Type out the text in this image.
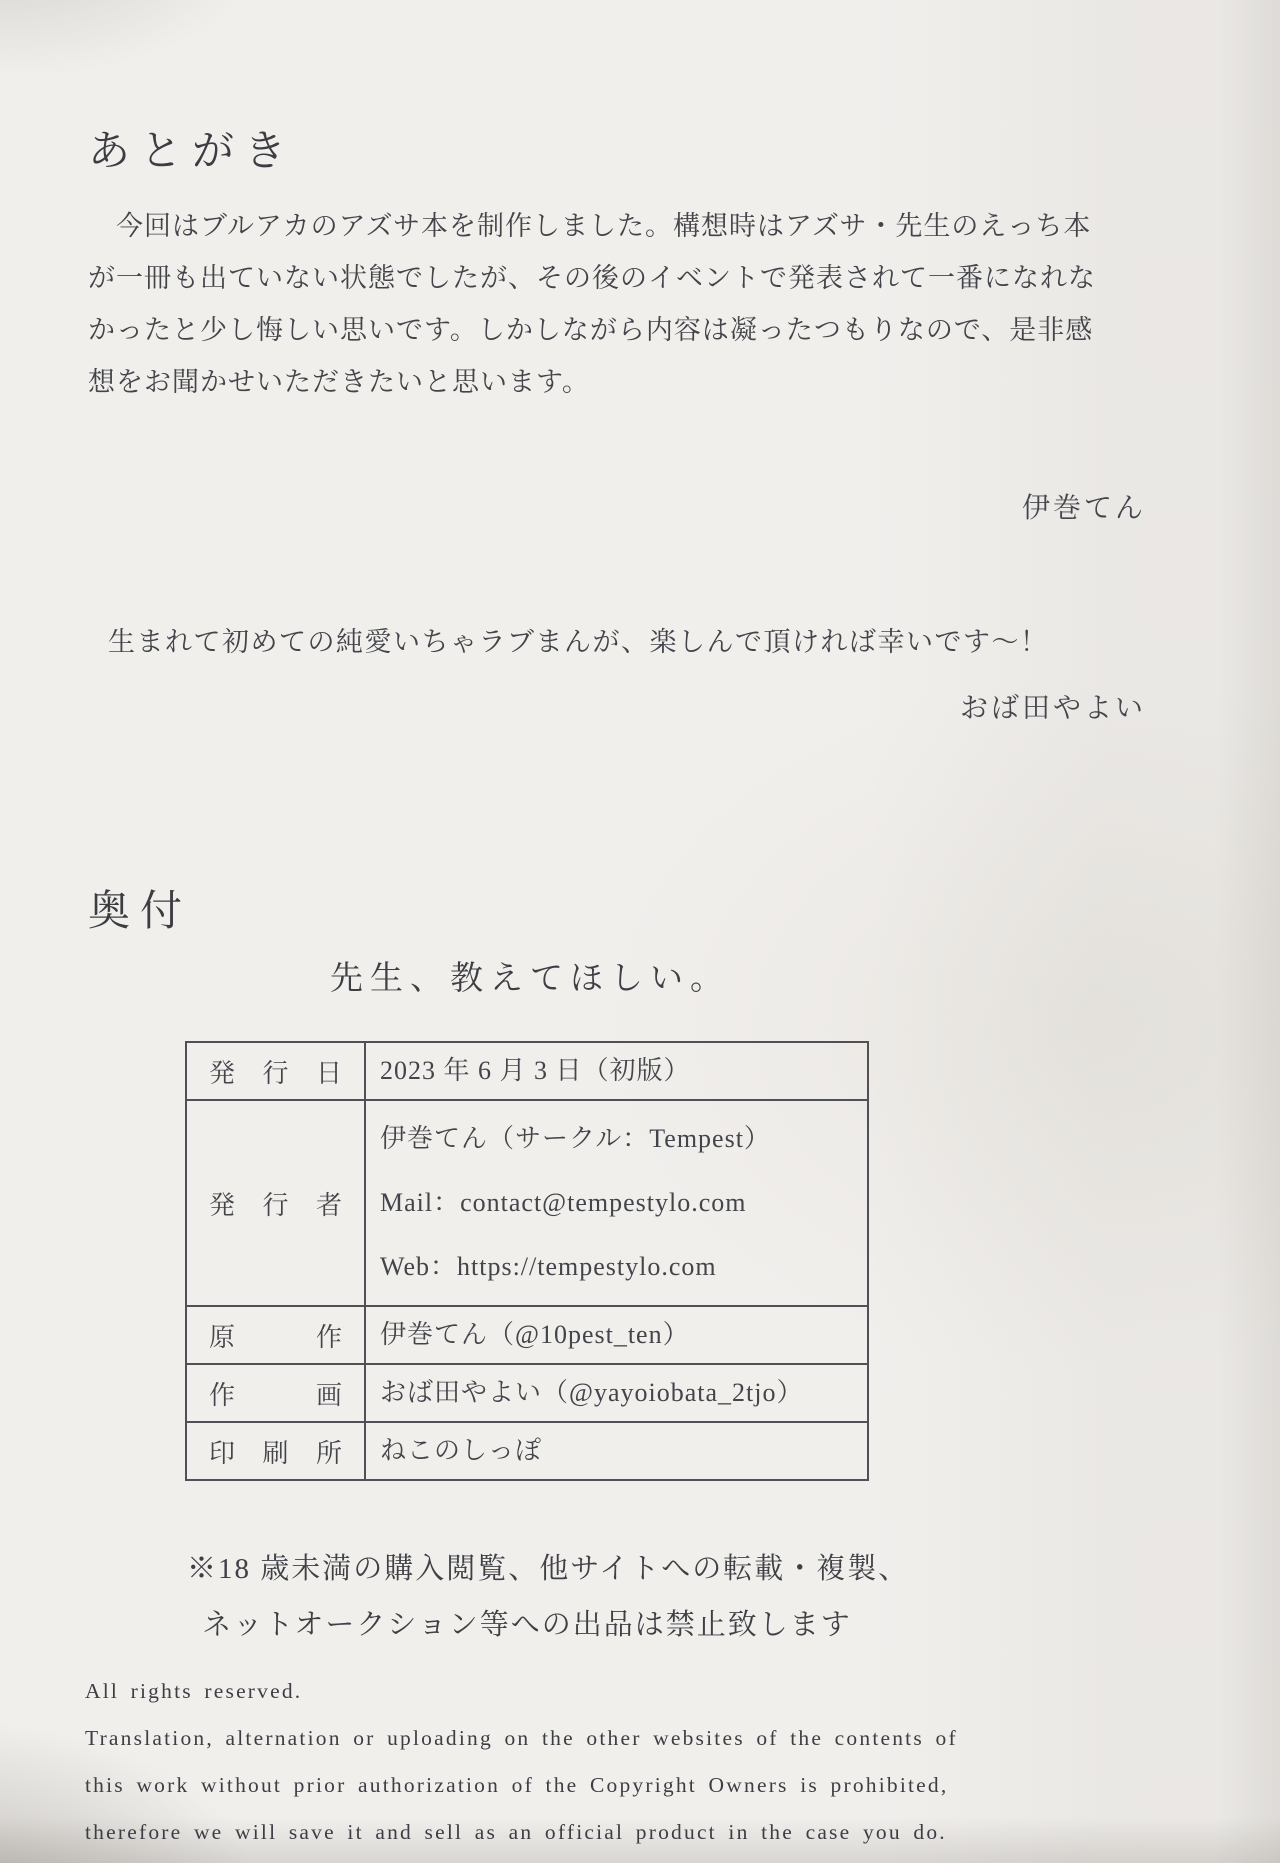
あとがき
　今回はブルアカのアズサ本を制作しました。構想時はアズサ・先生のえっち本
が一冊も出ていない状態でしたが、その後のイベントで発表されて一番になれな
かったと少し悔しい思いです。しかしながら内容は凝ったつもりなので、是非感
想をお聞かせいただきたいと思います。
伊巻てん
生まれて初めての純愛いちゃラブまんが、楽しんで頂ければ幸いです～！
おば田やよい
奥付
先生、教えてほしい。
発行日	2023 年 6 月 3 日（初版）

発行者	伊巻てん（サークル：Tempest）
Mail：contact@tempestylo.com
Web：https://tempestylo.com

原作	伊巻てん（@10pest_ten）

作画	おば田やよい（@yayoiobata_2tjo）

印刷所	ねこのしっぽ
※18 歳未満の購入閲覧、他サイトへの転載・複製、
ネットオークション等への出品は禁止致します
All rights reserved.
Translation, alternation or uploading on the other websites of the contents of
this work without prior authorization of the Copyright Owners is prohibited,
therefore we will save it and sell as an official product in the case you do.
